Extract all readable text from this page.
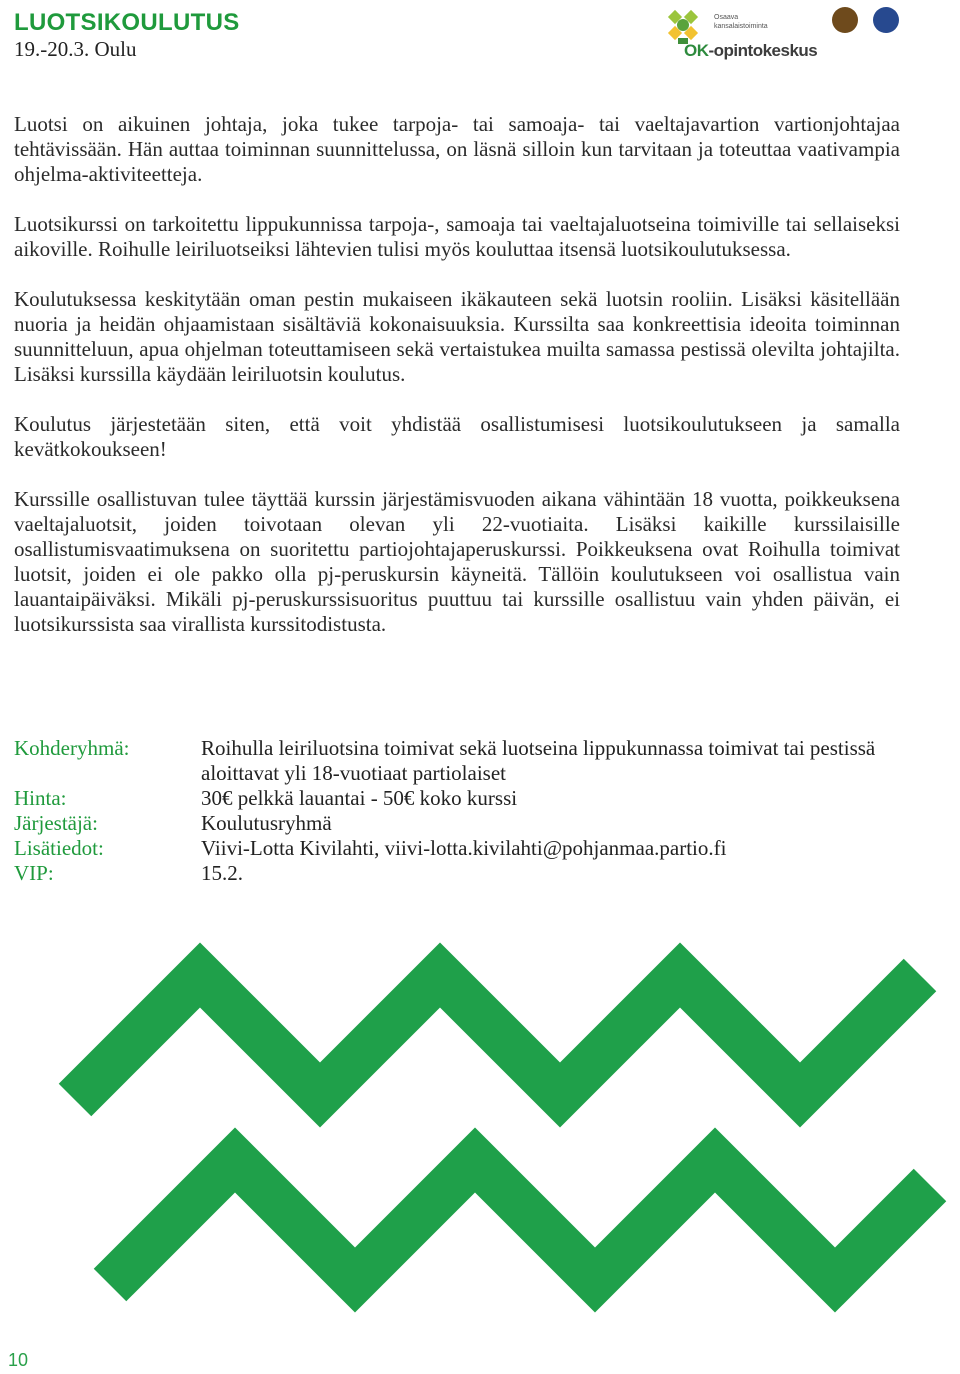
LUOTSIKOULUTUS
19.-20.3. Oulu
Osaava
kansalaistoiminta
OK-opintokeskus

Luotsi on aikuinen johtaja, joka tukee tarpoja- tai samoaja- tai vaeltajavartion vartionjohtajaa tehtävissään. Hän auttaa toiminnan suunnittelussa, on läsnä silloin kun tarvitaan ja toteuttaa vaativampia ohjelma-aktiviteetteja.

Luotsikurssi on tarkoitettu lippukunnissa tarpoja-, samoaja tai vaeltajaluotseina toimiville tai sellaiseksi aikoville. Roihulle leiriluotseiksi lähtevien tulisi myös kouluttaa itsensä luotsikoulutuksessa.

Koulutuksessa keskitytään oman pestin mukaiseen ikäkauteen sekä luotsin rooliin. Lisäksi käsitellään nuoria ja heidän ohjaamistaan sisältäviä kokonaisuuksia. Kurssilta saa konkreettisia ideoita toiminnan suunnitteluun, apua ohjelman toteuttamiseen sekä vertaistukea muilta samassa pestissä olevilta johtajilta. Lisäksi kurssilla käydään leiriluotsin koulutus.

Koulutus järjestetään siten, että voit yhdistää osallistumisesi luotsikoulutukseen ja samalla kevätkokoukseen!

Kurssille osallistuvan tulee täyttää kurssin järjestämisvuoden aikana vähintään 18 vuotta, poikkeuksena vaeltajaluotsit, joiden toivotaan olevan yli 22-vuotiaita. Lisäksi kaikille kurssilaisille osallistumisvaatimuksena on suoritettu partiojohtajaperuskurssi. Poikkeuksena ovat Roihulla toimivat luotsit, joiden ei ole pakko olla pj-peruskursin käyneitä. Tällöin koulutukseen voi osallistua vain lauantaipäiväksi. Mikäli pj-peruskurssisuoritus puuttuu tai kurssille osallistuu vain yhden päivän, ei luotsikurssista saa virallista kurssitodistusta.

Kohderyhmä:	Roihulla leiriluotsina toimivat sekä luotseina lippukunnassa toimivat tai pestissä aloittavat yli 18-vuotiaat partiolaiset
Hinta:	30€ pelkkä lauantai - 50€ koko kurssi
Järjestäjä:	Koulutusryhmä
Lisätiedot:	Viivi-Lotta Kivilahti, viivi-lotta.kivilahti@pohjanmaa.partio.fi
VIP:	15.2.
10
